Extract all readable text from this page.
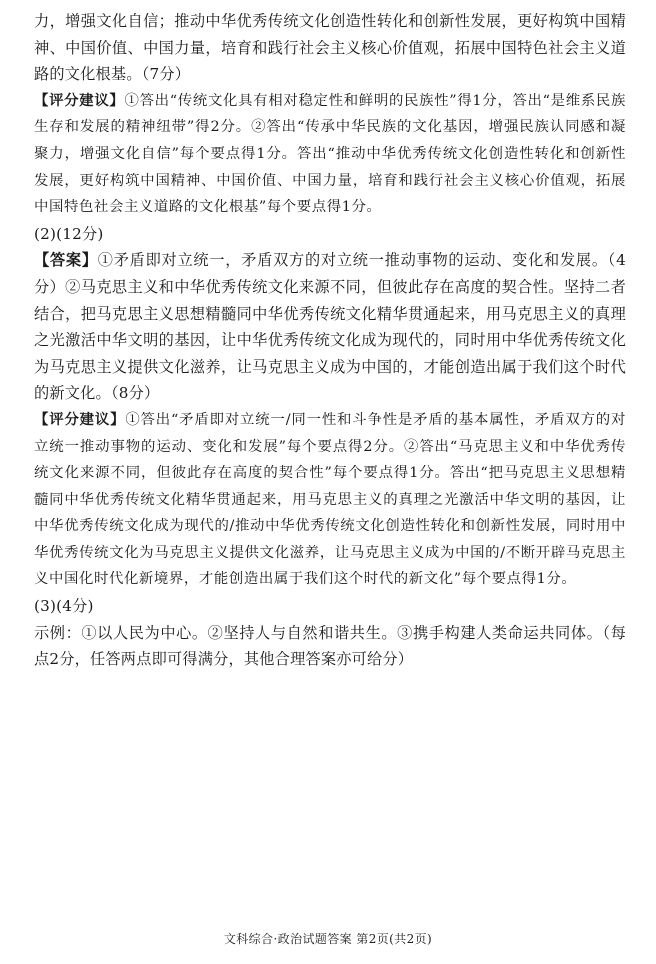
力，增强文化自信；推动中华优秀传统文化创造性转化和创新性发展，更好构筑中国精神、中国价值、中国力量，培育和践行社会主义核心价值观，拓展中国特色社会主义道路的文化根基。（7分）

【评分建议】①答出“传统文化具有相对稳定性和鲜明的民族性”得1分，答出“是维系民族生存和发展的精神纽带”得2分。②答出“传承中华民族的文化基因，增强民族认同感和凝聚力，增强文化自信”每个要点得1分。答出“推动中华优秀传统文化创造性转化和创新性发展，更好构筑中国精神、中国价值、中国力量，培育和践行社会主义核心价值观，拓展中国特色社会主义道路的文化根基”每个要点得1分。

(2)(12分)

【答案】①矛盾即对立统一，矛盾双方的对立统一推动事物的运动、变化和发展。（4分）②马克思主义和中华优秀传统文化来源不同，但彼此存在高度的契合性。坚持二者结合，把马克思主义思想精髓同中华优秀传统文化精华贯通起来，用马克思主义的真理之光激活中华文明的基因，让中华优秀传统文化成为现代的，同时用中华优秀传统文化为马克思主义提供文化滋养，让马克思主义成为中国的，才能创造出属于我们这个时代的新文化。（8分）

【评分建议】①答出“矛盾即对立统一/同一性和斗争性是矛盾的基本属性，矛盾双方的对立统一推动事物的运动、变化和发展”每个要点得2分。②答出“马克思主义和中华优秀传统文化来源不同，但彼此存在高度的契合性”每个要点得1分。答出“把马克思主义思想精髓同中华优秀传统文化精华贯通起来，用马克思主义的真理之光激活中华文明的基因，让中华优秀传统文化成为现代的/推动中华优秀传统文化创造性转化和创新性发展，同时用中华优秀传统文化为马克思主义提供文化滋养，让马克思主义成为中国的/不断开辟马克思主义中国化时代化新境界，才能创造出属于我们这个时代的新文化”每个要点得1分。

(3)(4分)

示例：①以人民为中心。②坚持人与自然和谐共生。③携手构建人类命运共同体。（每点2分，任答两点即可得满分，其他合理答案亦可给分）

文科综合·政治试题答案 第2页(共2页)
